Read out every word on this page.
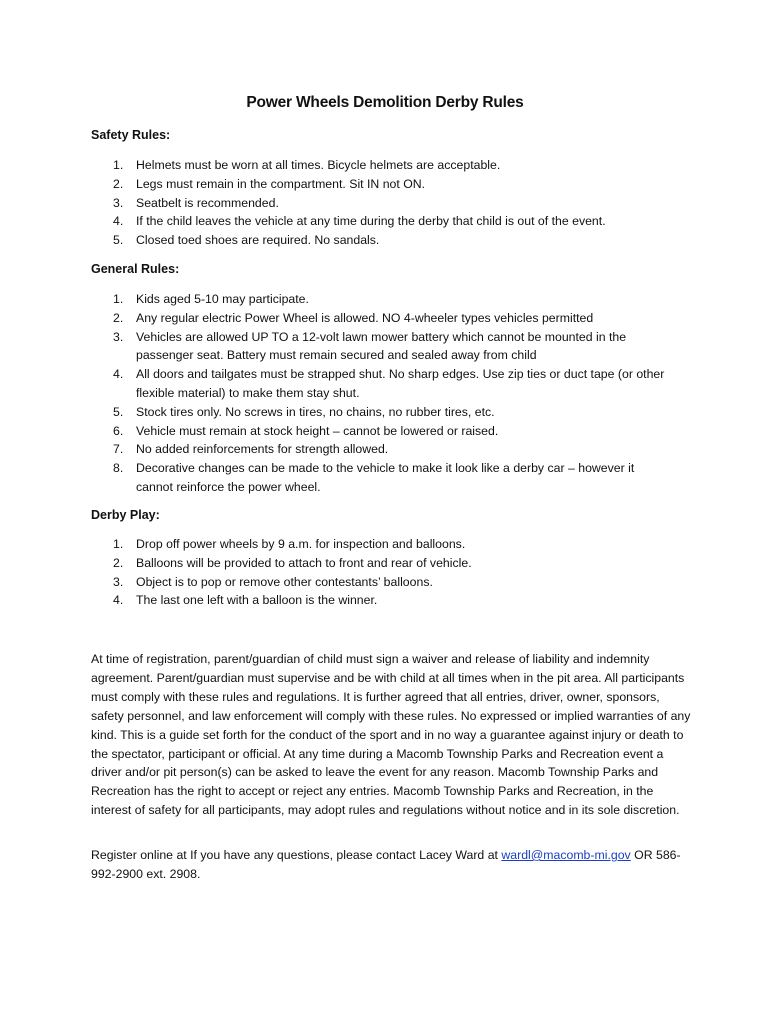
Power Wheels Demolition Derby Rules
Safety Rules:
1. Helmets must be worn at all times. Bicycle helmets are acceptable.
2. Legs must remain in the compartment. Sit IN not ON.
3. Seatbelt is recommended.
4. If the child leaves the vehicle at any time during the derby that child is out of the event.
5. Closed toed shoes are required. No sandals.
General Rules:
1. Kids aged 5-10 may participate.
2. Any regular electric Power Wheel is allowed. NO 4-wheeler types vehicles permitted
3. Vehicles are allowed UP TO a 12-volt lawn mower battery which cannot be mounted in the passenger seat. Battery must remain secured and sealed away from child
4. All doors and tailgates must be strapped shut. No sharp edges. Use zip ties or duct tape (or other flexible material) to make them stay shut.
5. Stock tires only. No screws in tires, no chains, no rubber tires, etc.
6. Vehicle must remain at stock height – cannot be lowered or raised.
7. No added reinforcements for strength allowed.
8. Decorative changes can be made to the vehicle to make it look like a derby car – however it cannot reinforce the power wheel.
Derby Play:
1. Drop off power wheels by 9 a.m. for inspection and balloons.
2. Balloons will be provided to attach to front and rear of vehicle.
3. Object is to pop or remove other contestants’ balloons.
4. The last one left with a balloon is the winner.

At time of registration, parent/guardian of child must sign a waiver and release of liability and indemnity agreement. Parent/guardian must supervise and be with child at all times when in the pit area. All participants must comply with these rules and regulations. It is further agreed that all entries, driver, owner, sponsors, safety personnel, and law enforcement will comply with these rules. No expressed or implied warranties of any kind. This is a guide set forth for the conduct of the sport and in no way a guarantee against injury or death to the spectator, participant or official. At any time during a Macomb Township Parks and Recreation event a driver and/or pit person(s) can be asked to leave the event for any reason. Macomb Township Parks and Recreation has the right to accept or reject any entries. Macomb Township Parks and Recreation, in the interest of safety for all participants, may adopt rules and regulations without notice and in its sole discretion.

Register online at If you have any questions, please contact Lacey Ward at wardl@macomb-mi.gov OR 586-992-2900 ext. 2908.
